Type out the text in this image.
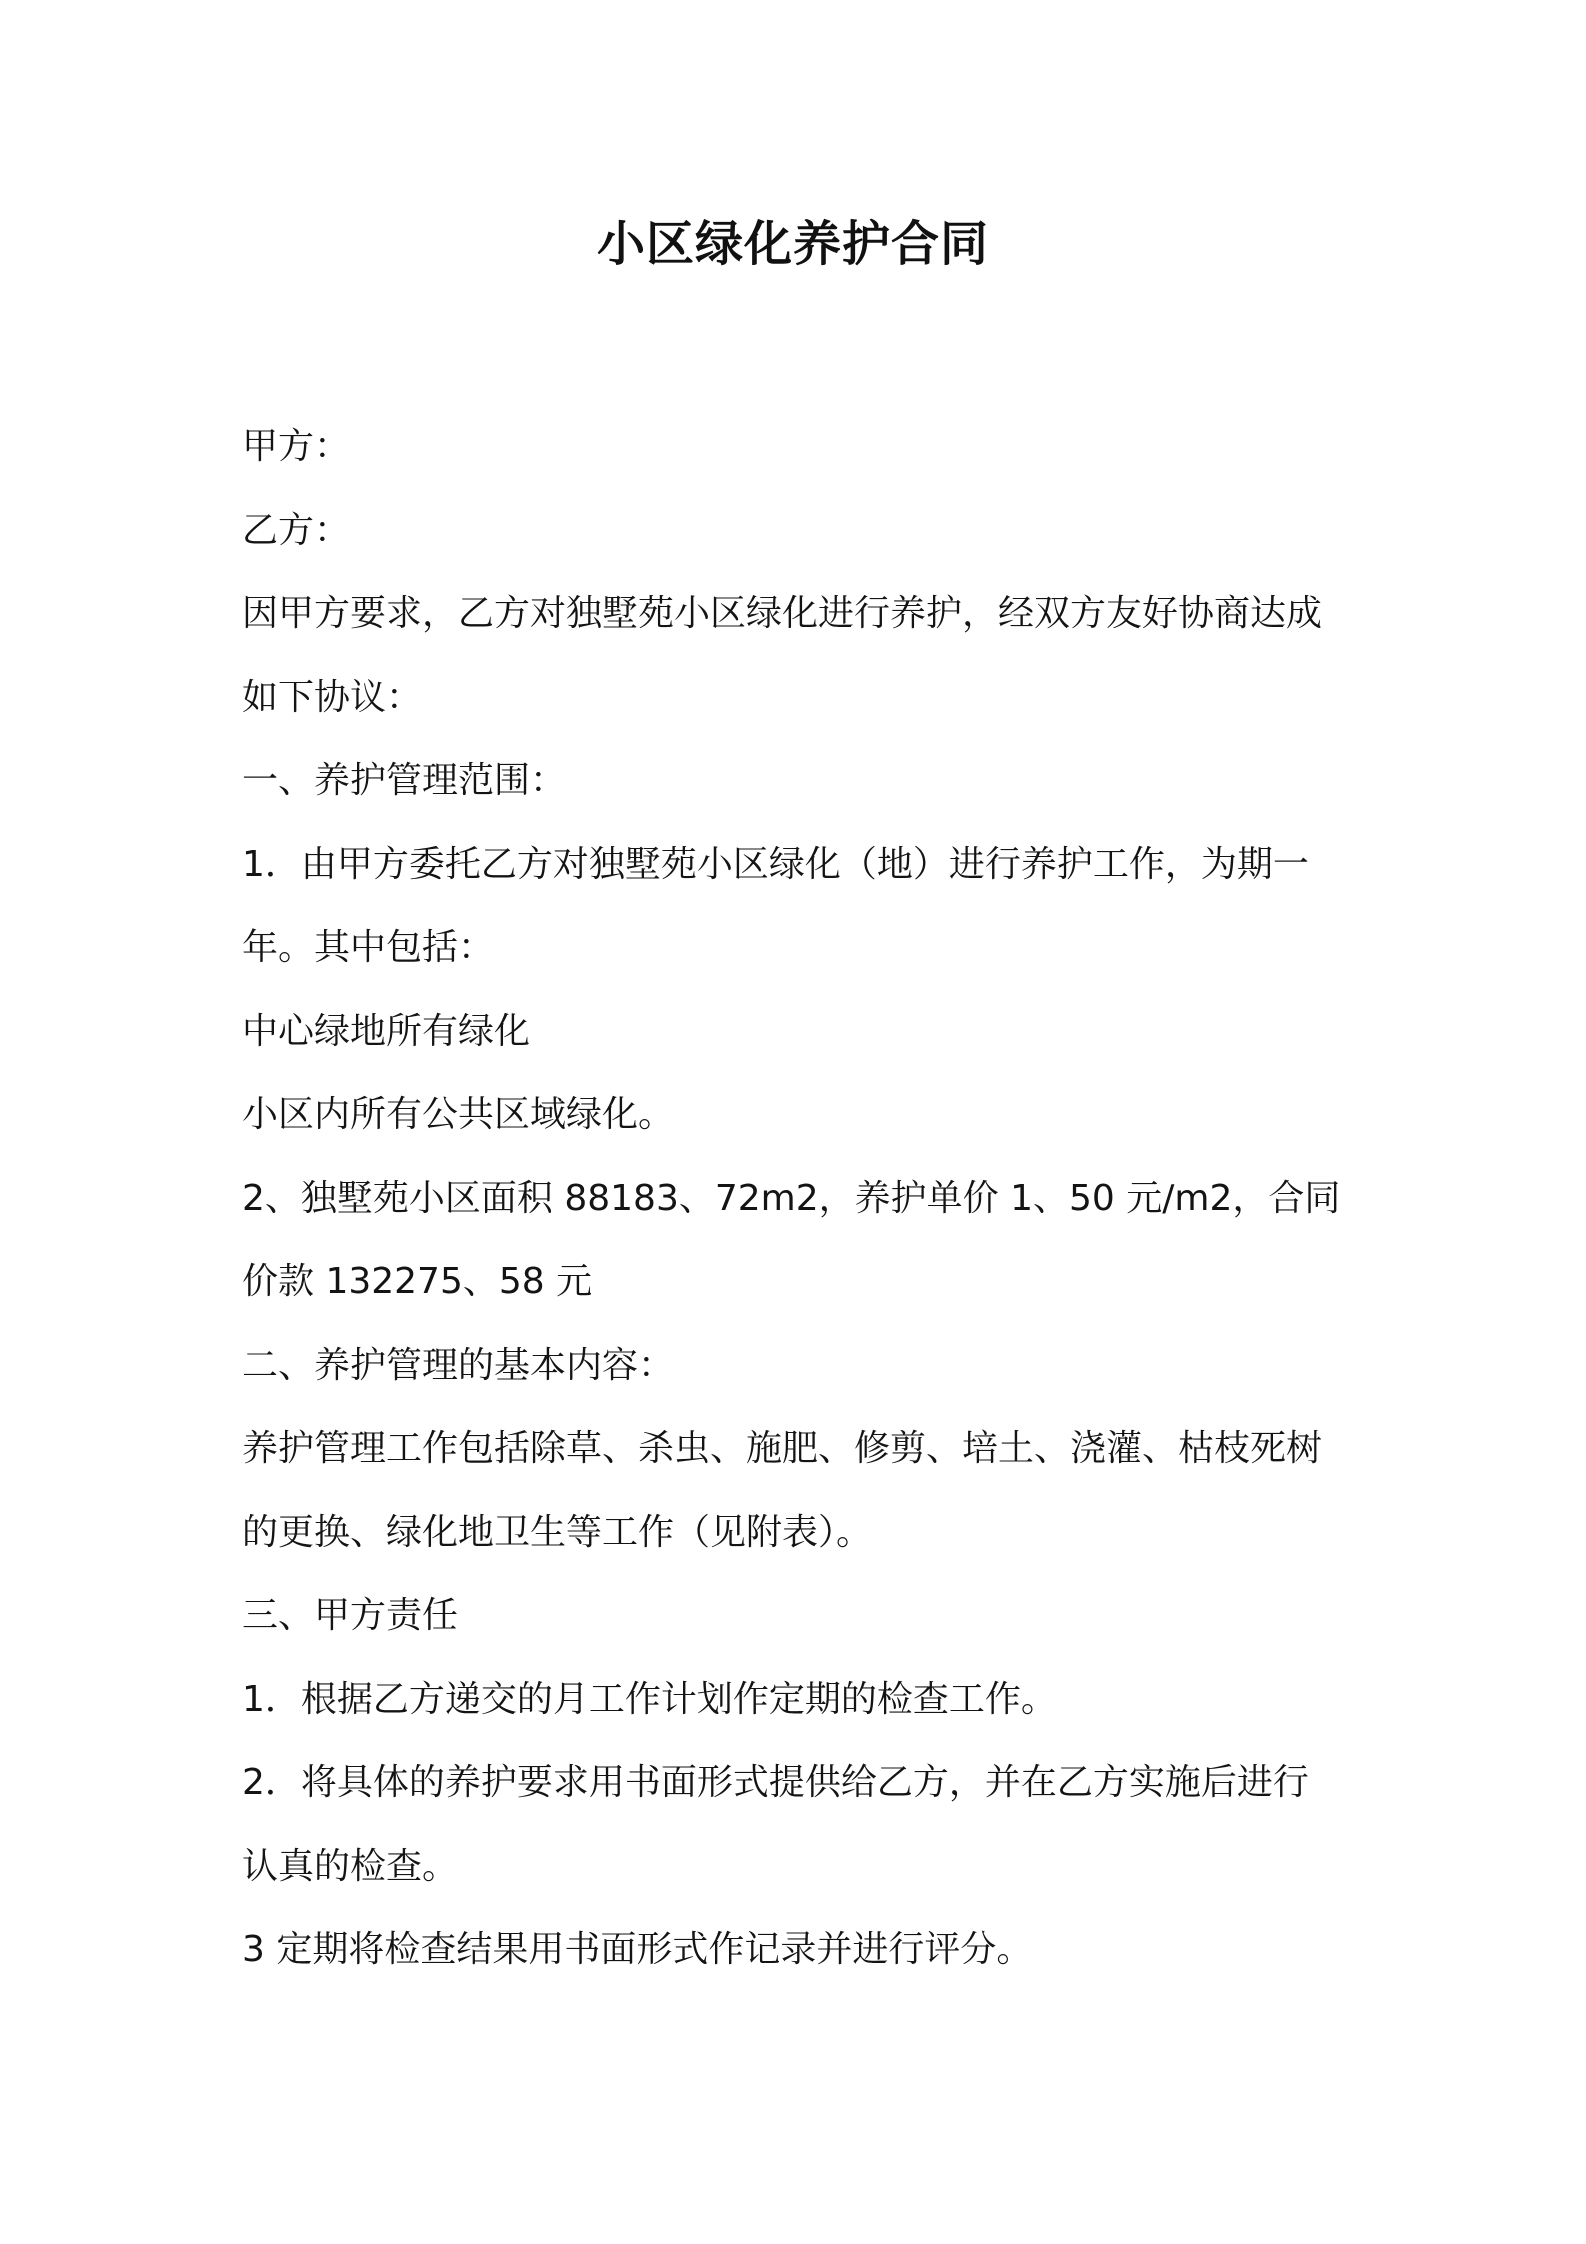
小区绿化养护合同
甲方：
乙方：
因甲方要求，乙方对独墅苑小区绿化进行养护，经双方友好协商达成
如下协议：
一、养护管理范围：
1．由甲方委托乙方对独墅苑小区绿化（地）进行养护工作，为期一
年。其中包括：
中心绿地所有绿化
小区内所有公共区域绿化。
2、独墅苑小区面积 88183、72m2，养护单价 1、50 元/m2，合同
价款 132275、58 元
二、养护管理的基本内容：
养护管理工作包括除草、杀虫、施肥、修剪、培土、浇灌、枯枝死树
的更换、绿化地卫生等工作（见附表）。
三、甲方责任
1．根据乙方递交的月工作计划作定期的检查工作。
2．将具体的养护要求用书面形式提供给乙方，并在乙方实施后进行
认真的检查。
3 定期将检查结果用书面形式作记录并进行评分。
